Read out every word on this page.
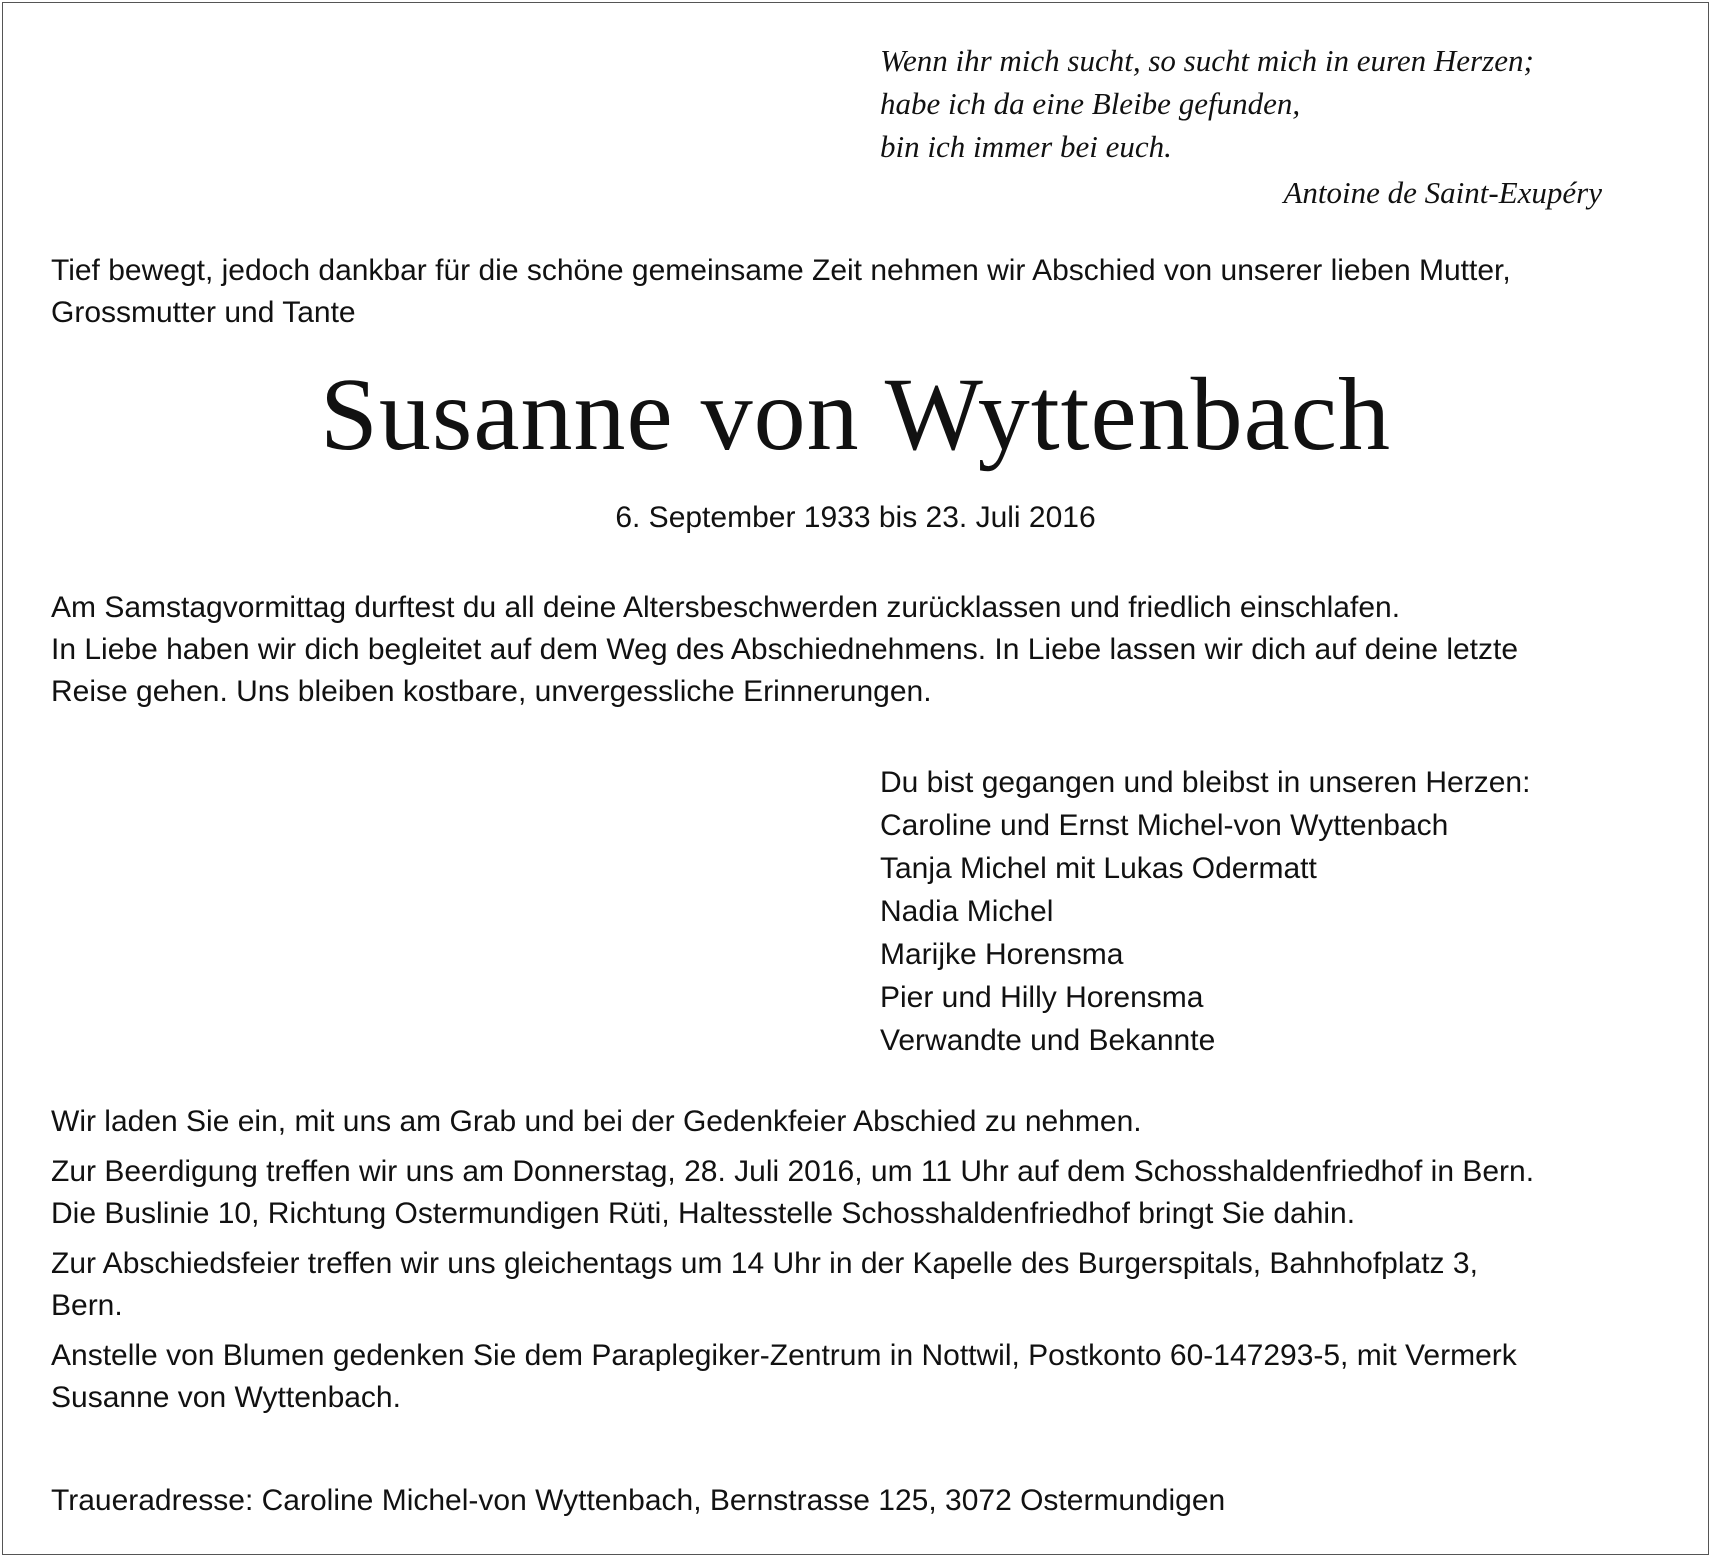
Wenn ihr mich sucht, so sucht mich in euren Herzen;
habe ich da eine Bleibe gefunden,
bin ich immer bei euch.
Antoine de Saint-Exupéry
Tief bewegt, jedoch dankbar für die schöne gemeinsame Zeit nehmen wir Abschied von unserer lieben Mutter,
Grossmutter und Tante
Susanne von Wyttenbach
6. September 1933 bis 23. Juli 2016
Am Samstagvormittag durftest du all deine Altersbeschwerden zurücklassen und friedlich einschlafen.
In Liebe haben wir dich begleitet auf dem Weg des Abschiednehmens. In Liebe lassen wir dich auf deine letzte
Reise gehen. Uns bleiben kostbare, unvergessliche Erinnerungen.
Du bist gegangen und bleibst in unseren Herzen:
Caroline und Ernst Michel-von Wyttenbach
Tanja Michel mit Lukas Odermatt
Nadia Michel
Marijke Horensma
Pier und Hilly Horensma
Verwandte und Bekannte
Wir laden Sie ein, mit uns am Grab und bei der Gedenkfeier Abschied zu nehmen.
Zur Beerdigung treffen wir uns am Donnerstag, 28. Juli 2016, um 11 Uhr auf dem Schosshaldenfriedhof in Bern.
Die Buslinie 10, Richtung Ostermundigen Rüti, Haltesstelle Schosshaldenfriedhof bringt Sie dahin.
Zur Abschiedsfeier treffen wir uns gleichentags um 14 Uhr in der Kapelle des Burgerspitals, Bahnhofplatz 3,
Bern.
Anstelle von Blumen gedenken Sie dem Paraplegiker-Zentrum in Nottwil, Postkonto 60-147293-5, mit Vermerk
Susanne von Wyttenbach.
Traueradresse: Caroline Michel-von Wyttenbach, Bernstrasse 125, 3072 Ostermundigen
